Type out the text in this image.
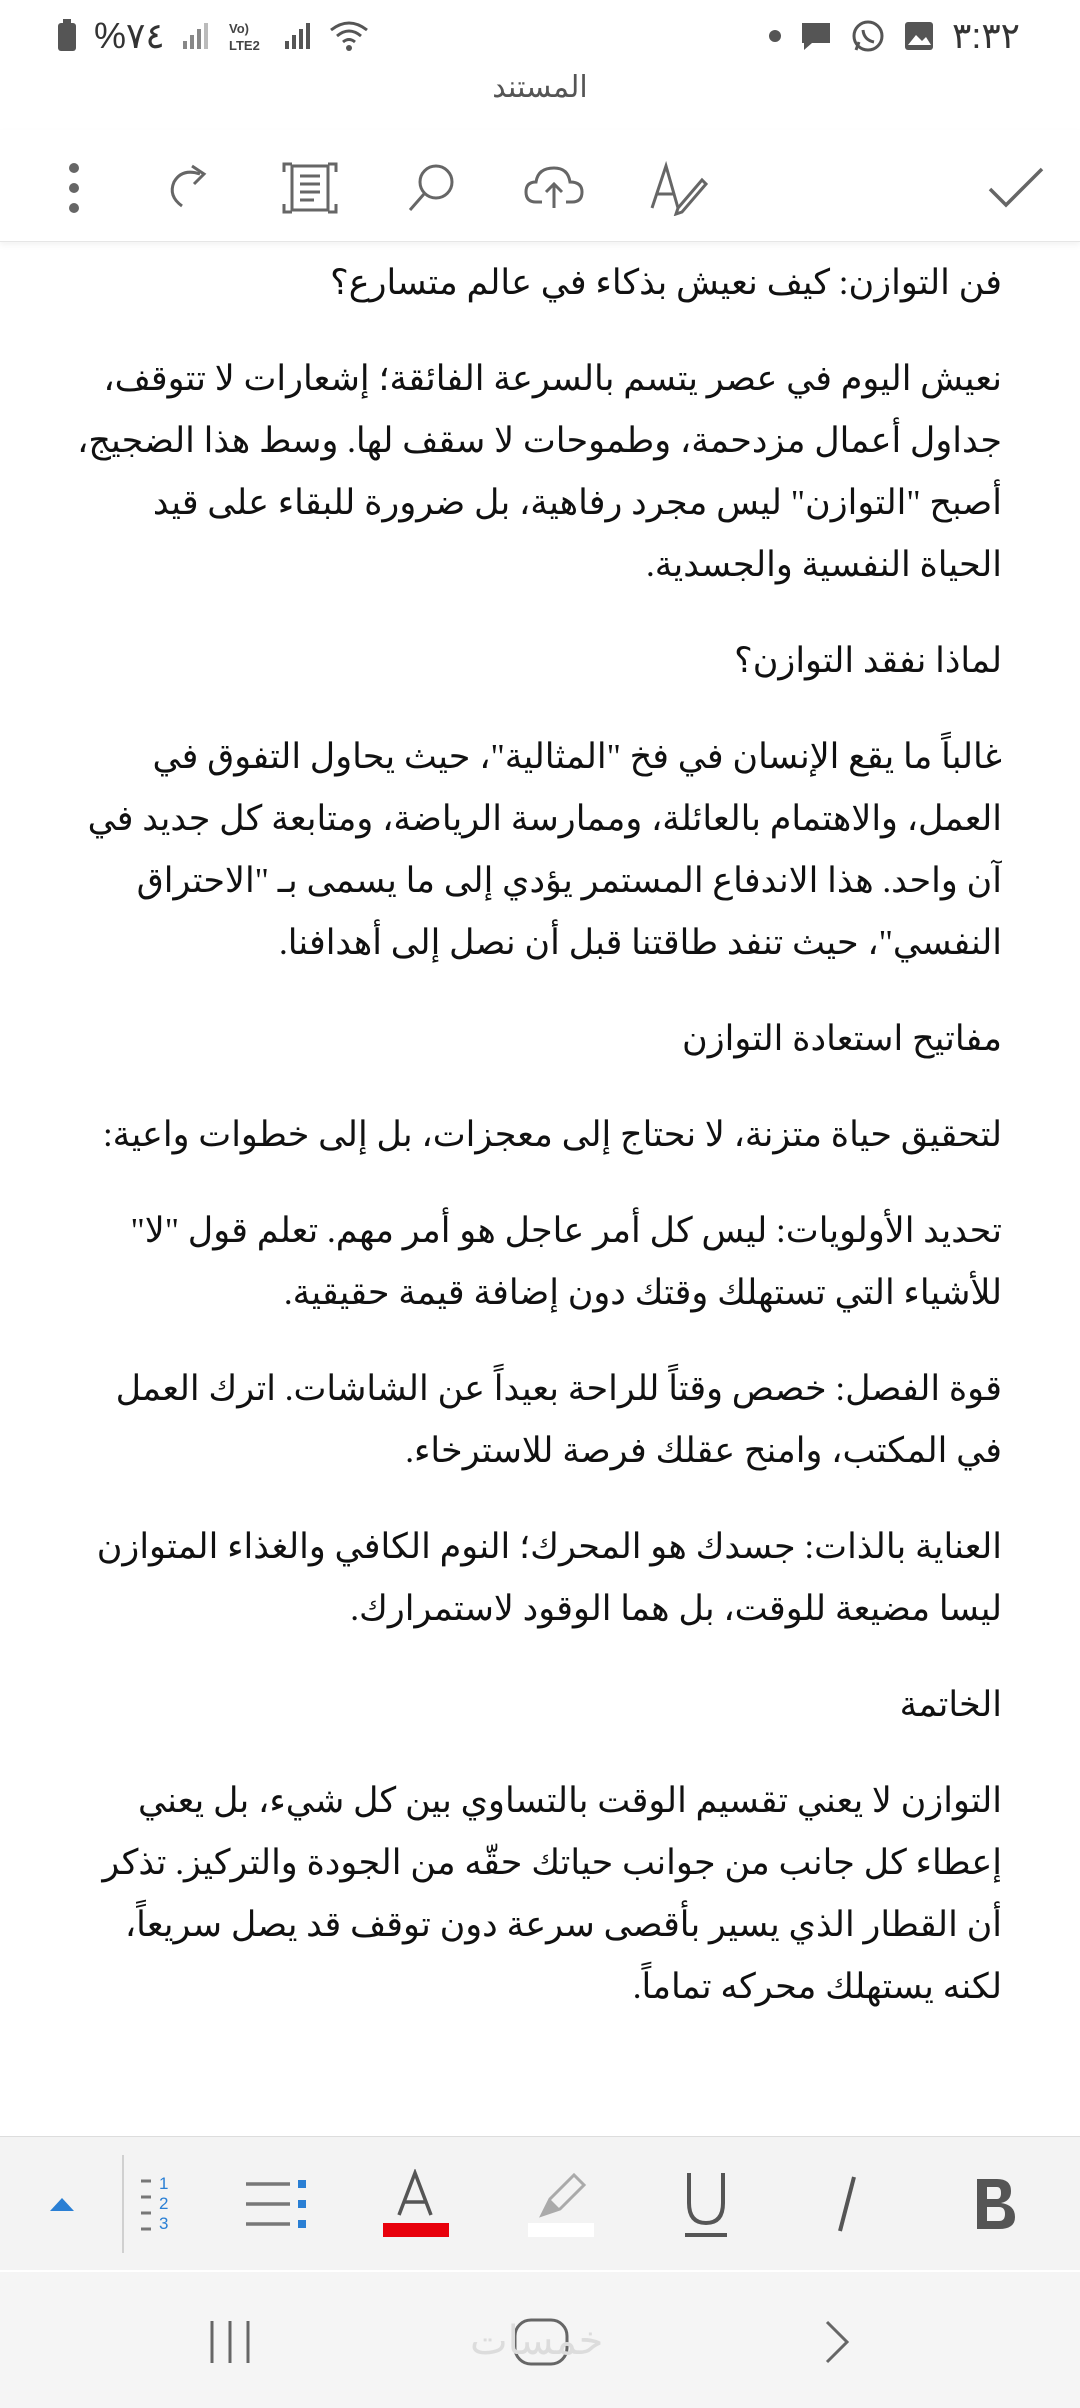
%٧٤	Vo)
LTE2	٣:٣٢
المستند

فن التوازن: كيف نعيش بذكاء في عالم متسارع؟

نعيش اليوم في عصر يتسم بالسرعة الفائقة؛ إشعارات لا تتوقف، جداول أعمال مزدحمة، وطموحات لا سقف لها. وسط هذا الضجيج، أصبح "التوازن" ليس مجرد رفاهية، بل ضرورة للبقاء على قيد الحياة النفسية والجسدية.

لماذا نفقد التوازن؟

غالباً ما يقع الإنسان في فخ "المثالية"، حيث يحاول التفوق في العمل، والاهتمام بالعائلة، وممارسة الرياضة، ومتابعة كل جديد في آن واحد. هذا الاندفاع المستمر يؤدي إلى ما يسمى بـ "الاحتراق النفسي"، حيث تنفد طاقتنا قبل أن نصل إلى أهدافنا.

مفاتيح استعادة التوازن

لتحقيق حياة متزنة، لا نحتاج إلى معجزات، بل إلى خطوات واعية:

تحديد الأولويات: ليس كل أمر عاجل هو أمر مهم. تعلم قول "لا" للأشياء التي تستهلك وقتك دون إضافة قيمة حقيقية.

قوة الفصل: خصص وقتاً للراحة بعيداً عن الشاشات. اترك العمل في المكتب، وامنح عقلك فرصة للاسترخاء.

العناية بالذات: جسدك هو المحرك؛ النوم الكافي والغذاء المتوازن ليسا مضيعة للوقت، بل هما الوقود لاستمرارك.

الخاتمة

التوازن لا يعني تقسيم الوقت بالتساوي بين كل شيء، بل يعني إعطاء كل جانب من جوانب حياتك حقّه من الجودة والتركيز. تذكر أن القطار الذي يسير بأقصى سرعة دون توقف قد يصل سريعاً، لكنه يستهلك محركه تماماً.

1
2
3
خمسات
